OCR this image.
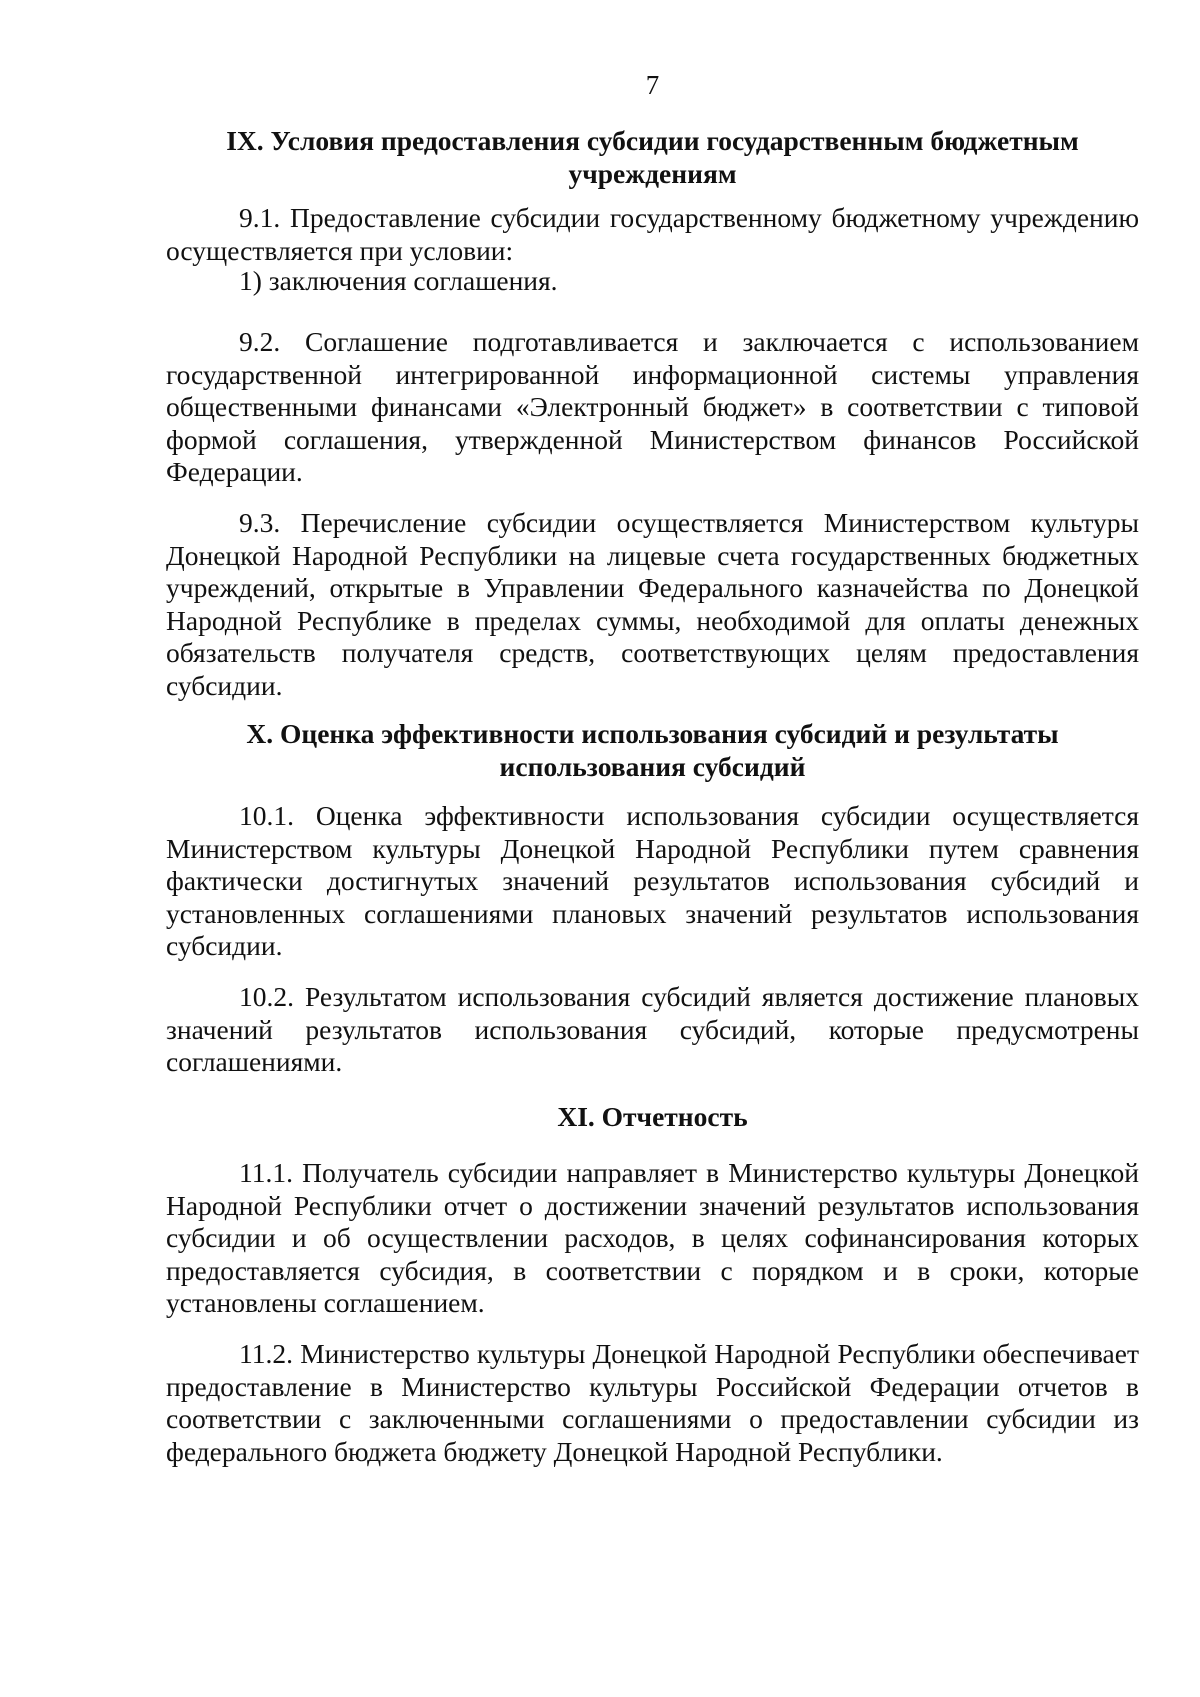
7
IX. Условия предоставления субсидии государственным бюджетным
учреждениям

9.1. Предоставление субсидии государственному бюджетному учреждению осуществляется при условии:

1) заключения соглашения.

9.2. Соглашение подготавливается и заключается с использованием государственной интегрированной информационной системы управления общественными финансами «Электронный бюджет» в соответствии с типовой формой соглашения, утвержденной Министерством финансов Российской Федерации.

9.3. Перечисление субсидии осуществляется Министерством культуры Донецкой Народной Республики на лицевые счета государственных бюджетных учреждений, открытые в Управлении Федерального казначейства по Донецкой Народной Республике в пределах суммы, необходимой для оплаты денежных обязательств получателя средств, соответствующих целям предоставления субсидии.

X. Оценка эффективности использования субсидий и результаты
использования субсидий

10.1. Оценка эффективности использования субсидии осуществляется Министерством культуры Донецкой Народной Республики путем сравнения фактически достигнутых значений результатов использования субсидий и установленных соглашениями плановых значений результатов использования субсидии.

10.2. Результатом использования субсидий является достижение плановых значений результатов использования субсидий, которые предусмотрены соглашениями.

XI. Отчетность

11.1. Получатель субсидии направляет в Министерство культуры Донецкой Народной Республики отчет о достижении значений результатов использования субсидии и об осуществлении расходов, в целях софинансирования которых предоставляется субсидия, в соответствии с порядком и в сроки, которые установлены соглашением.

11.2. Министерство культуры Донецкой Народной Республики обеспечивает предоставление в Министерство культуры Российской Федерации отчетов в соответствии с заключенными соглашениями о предоставлении субсидии из федерального бюджета бюджету Донецкой Народной Республики.
